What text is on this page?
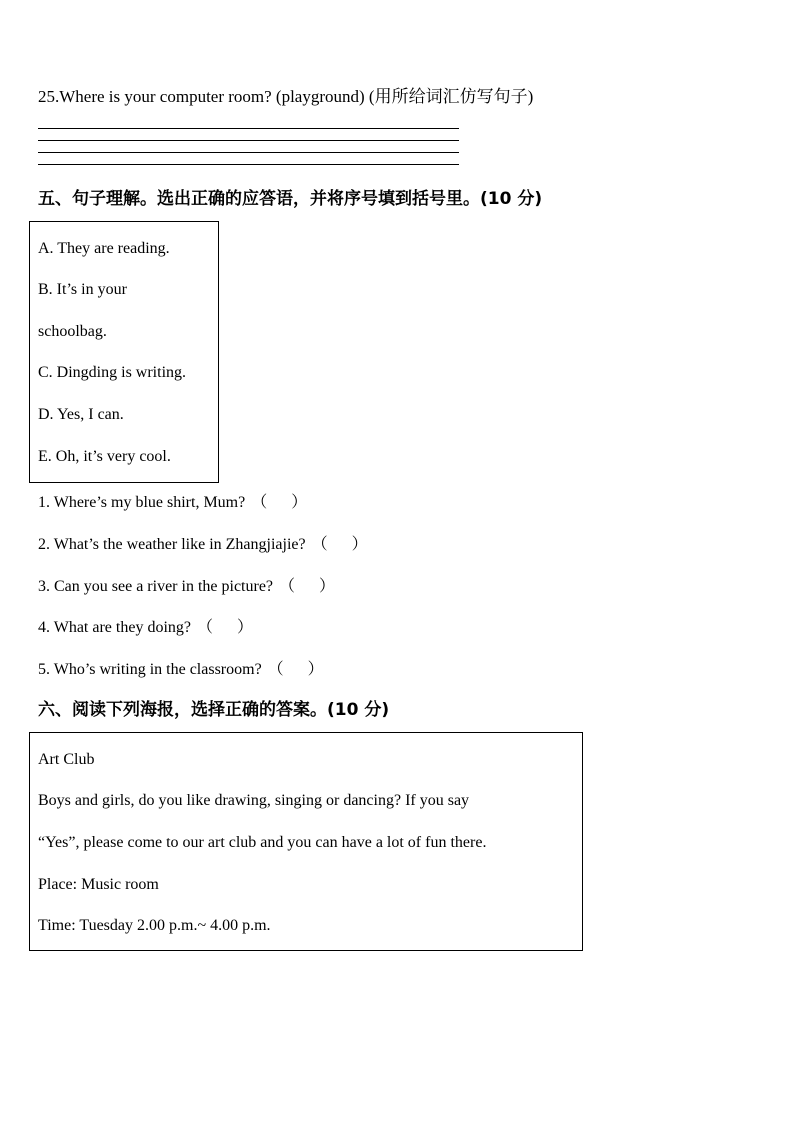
25.Where is your computer room? (playground) (用所给词汇仿写句子)
五、句子理解。选出正确的应答语，并将序号填到括号里。(10 分)
A. They are reading.
B. It’s in your
schoolbag.
C. Dingding is writing.
D. Yes, I can.
E. Oh, it’s very cool.
1. Where’s my blue shirt, Mum? （ ）
2. What’s the weather like in Zhangjiajie? （ ）
3. Can you see a river in the picture? （ ）
4. What are they doing? （ ）
5. Who’s writing in the classroom? （ ）
六、阅读下列海报，选择正确的答案。(10 分)
Art Club
Boys and girls, do you like drawing, singing or dancing? If you say
“Yes”, please come to our art club and you can have a lot of fun there.
Place: Music room
Time: Tuesday 2.00 p.m.~ 4.00 p.m.
